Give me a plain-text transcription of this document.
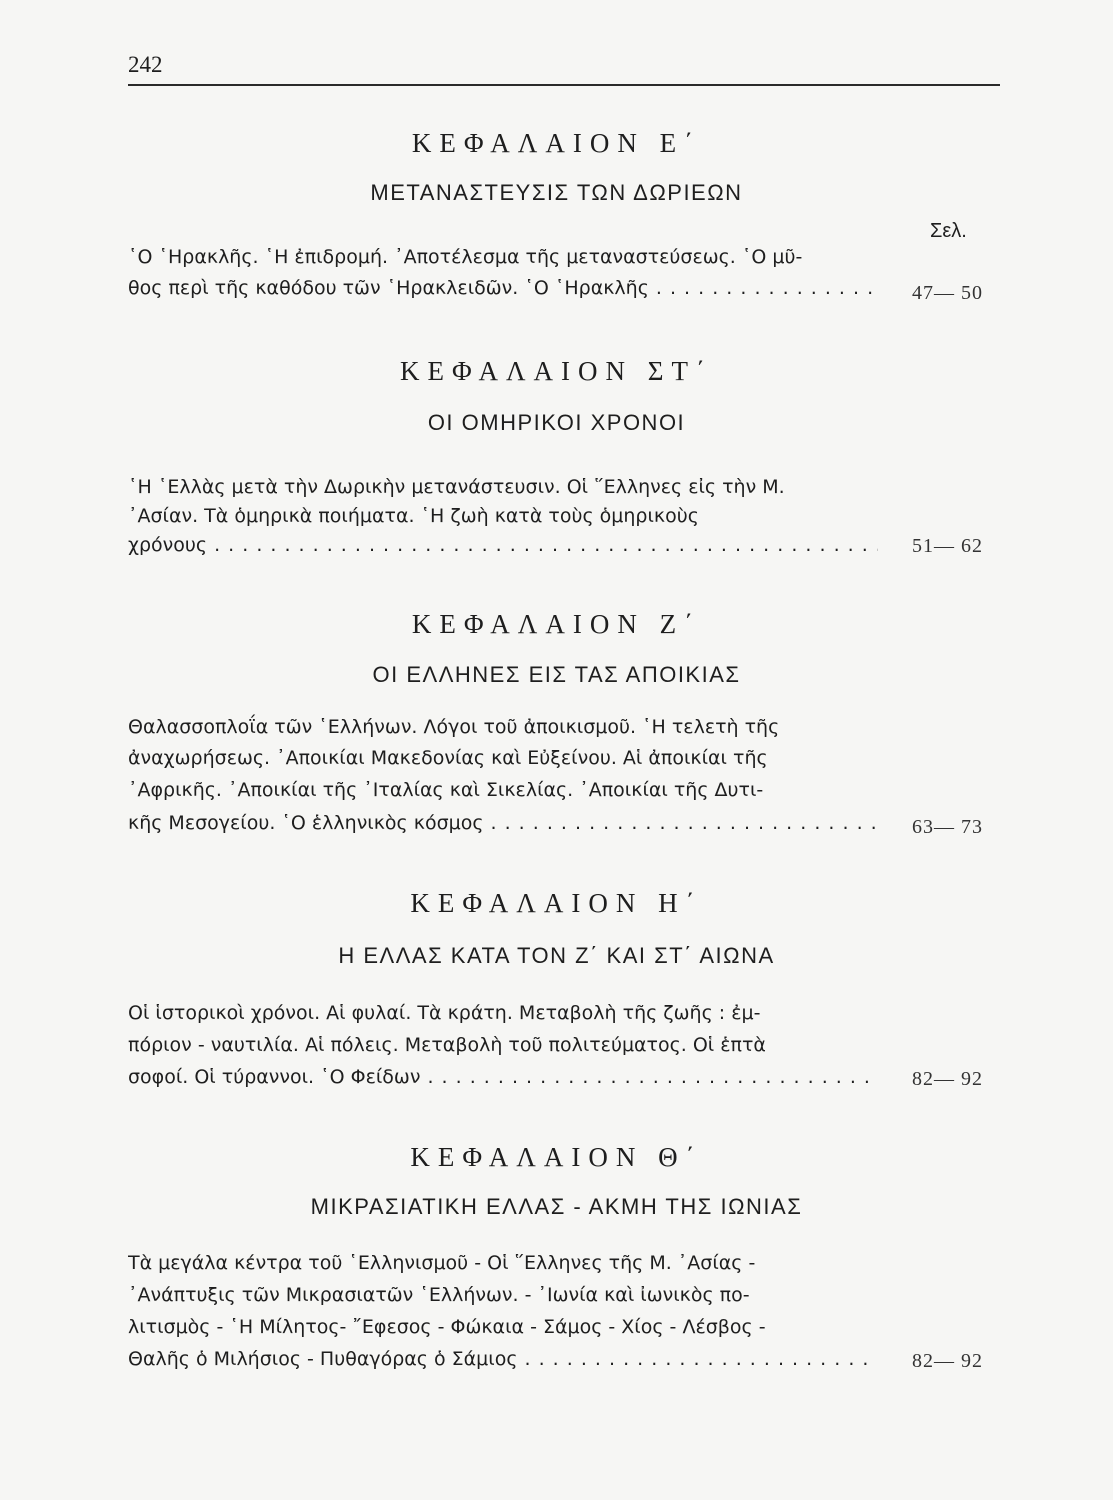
242
ΚΕΦΑΛΑΙΟΝ Ε΄
ΜΕΤΑΝΑΣΤΕΥΣΙΣ ΤΩΝ ΔΩΡΙΕΩΝ
Σελ.
῾Ο ῾Ηρακλῆς. ῾Η ἐπιδρομή. ᾿Αποτέλεσμα τῆς μεταναστεύσεως. ῾Ο μῦ-
θος περὶ τῆς καθόδου τῶν ῾Ηρακλειδῶν. ῾Ο ῾Ηρακλῆς . . .	47— 50
ΚΕΦΑΛΑΙΟΝ ΣΤ΄
ΟΙ ΟΜΗΡΙΚΟΙ ΧΡΟΝΟΙ
῾Η ῾Ελλὰς μετὰ τὴν Δωρικὴν μετανάστευσιν. Οἱ ῞Ελληνες εἰς τὴν Μ.
᾿Ασίαν. Τὰ ὁμηρικὰ ποιήματα. ῾Η ζωὴ κατὰ τοὺς ὁμηρικοὺς
χρόνους . . .	51— 62
ΚΕΦΑΛΑΙΟΝ Ζ΄
ΟΙ ΕΛΛΗΝΕΣ ΕΙΣ ΤΑΣ ΑΠΟΙΚΙΑΣ
Θαλασσοπλοΐα τῶν ῾Ελλήνων. Λόγοι τοῦ ἀποικισμοῦ. ῾Η τελετὴ τῆς
ἀναχωρήσεως. ᾿Αποικίαι Μακεδονίας καὶ Εὐξείνου. Αἱ ἀποικίαι τῆς
᾿Αφρικῆς. ᾿Αποικίαι τῆς ᾿Ιταλίας καὶ Σικελίας. ᾿Αποικίαι τῆς Δυτι-
κῆς Μεσογείου. ῾Ο ἑλληνικὸς κόσμος . . .	63— 73
ΚΕΦΑΛΑΙΟΝ Η΄
Η ΕΛΛΑΣ ΚΑΤΑ ΤΟΝ Ζ΄ ΚΑΙ ΣΤ΄ ΑΙΩΝΑ
Οἱ ἱστορικοὶ χρόνοι. Αἱ φυλαί. Τὰ κράτη. Μεταβολὴ τῆς ζωῆς : ἐμ-
πόριον - ναυτιλία. Αἱ πόλεις. Μεταβολὴ τοῦ πολιτεύματος. Οἱ ἑπτὰ
σοφοί. Οἱ τύραννοι. ῾Ο Φείδων . . .	82— 92
ΚΕΦΑΛΑΙΟΝ Θ΄
ΜΙΚΡΑΣΙΑΤΙΚΗ ΕΛΛΑΣ - ΑΚΜΗ ΤΗΣ ΙΩΝΙΑΣ
Τὰ μεγάλα κέντρα τοῦ ῾Ελληνισμοῦ - Οἱ ῞Ελληνες τῆς Μ. ᾿Ασίας -
᾿Ανάπτυξις τῶν Μικρασιατῶν ῾Ελλήνων. - ᾿Ιωνία καὶ ἰωνικὸς πο-
λιτισμὸς - ῾Η Μίλητος- ῎Εφεσος - Φώκαια - Σάμος - Χίος - Λέσβος -
Θαλῆς ὁ Μιλήσιος - Πυθαγόρας ὁ Σάμιος . . .	82— 92
